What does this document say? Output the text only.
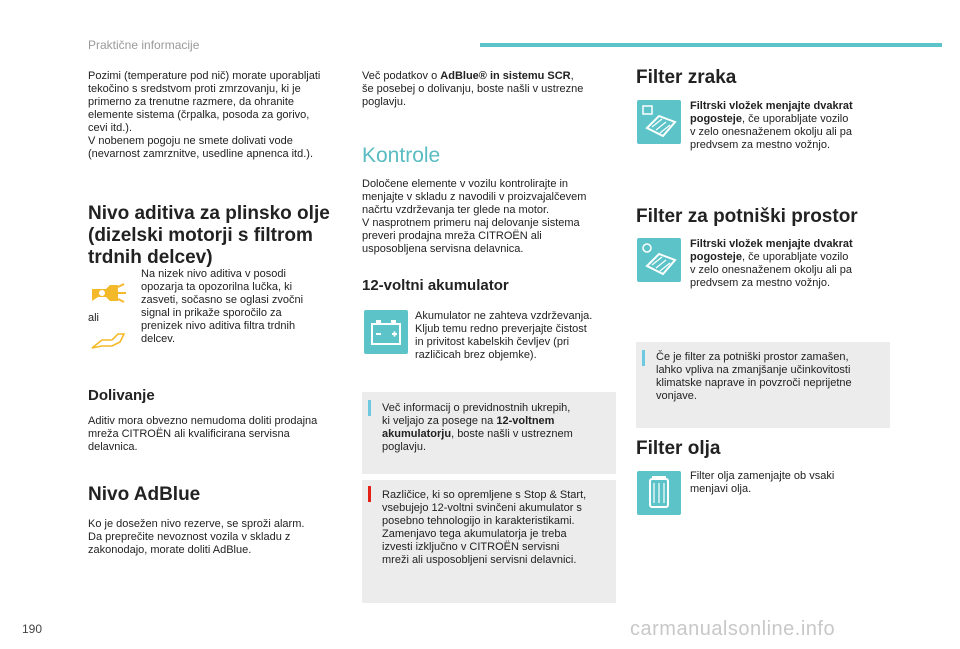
Praktične informacije
Pozimi (temperature pod nič) morate uporabljati
tekočino s sredstvom proti zmrzovanju, ki je
primerno za trenutne razmere, da ohranite
elemente sistema (črpalka, posoda za gorivo,
cevi itd.).
V nobenem pogoju ne smete dolivati vode
(nevarnost zamrznitve, usedline apnenca itd.).
Nivo aditiva za plinsko olje (dizelski motorji s filtrom trdnih delcev)
ali
Na nizek nivo aditiva v posodi
opozarja ta opozorilna lučka, ki
zasveti, sočasno se oglasi zvočni
signal in prikaže sporočilo za
prenizek nivo aditiva filtra trdnih
delcev.
Dolivanje
Aditiv mora obvezno nemudoma doliti prodajna
mreža CITROËN ali kvalificirana servisna
delavnica.
Nivo AdBlue
Ko je dosežen nivo rezerve, se sproži alarm.
Da preprečite nevoznost vozila v skladu z
zakonodajo, morate doliti AdBlue.
Več podatkov o AdBlue® in sistemu SCR,
še posebej o dolivanju, boste našli v ustrezne
poglavju.
Kontrole
Določene elemente v vozilu kontrolirajte in
menjajte v skladu z navodili v proizvajalčevem
načrtu vzdrževanja ter glede na motor.
V nasprotnem primeru naj delovanje sistema
preveri prodajna mreža CITROËN ali
usposobljena servisna delavnica.
12-voltni akumulator
Akumulator ne zahteva vzdrževanja.
Kljub temu redno preverjajte čistost
in privitost kabelskih čevljev (pri
različicah brez objemke).
Več informacij o previdnostnih ukrepih,
ki veljajo za posege na 12-voltnem
akumulatorju, boste našli v ustreznem
poglavju.
Različice, ki so opremljene s Stop & Start,
vsebujejo 12-voltni svinčeni akumulator s
posebno tehnologijo in karakteristikami.
Zamenjavo tega akumulatorja je treba
izvesti izključno v CITROËN servisni
mreži ali usposobljeni servisni delavnici.
Filter zraka
Filtrski vložek menjajte dvakrat
pogosteje, če uporabljate vozilo
v zelo onesnaženem okolju ali pa
predvsem za mestno vožnjo.
Filter za potniški prostor
Filtrski vložek menjajte dvakrat
pogosteje, če uporabljate vozilo
v zelo onesnaženem okolju ali pa
predvsem za mestno vožnjo.
Če je filter za potniški prostor zamašen,
lahko vpliva na zmanjšanje učinkovitosti
klimatske naprave in povzroči neprijetne
vonjave.
Filter olja
Filter olja zamenjajte ob vsaki
menjavi olja.
190	carmanualsonline.info
